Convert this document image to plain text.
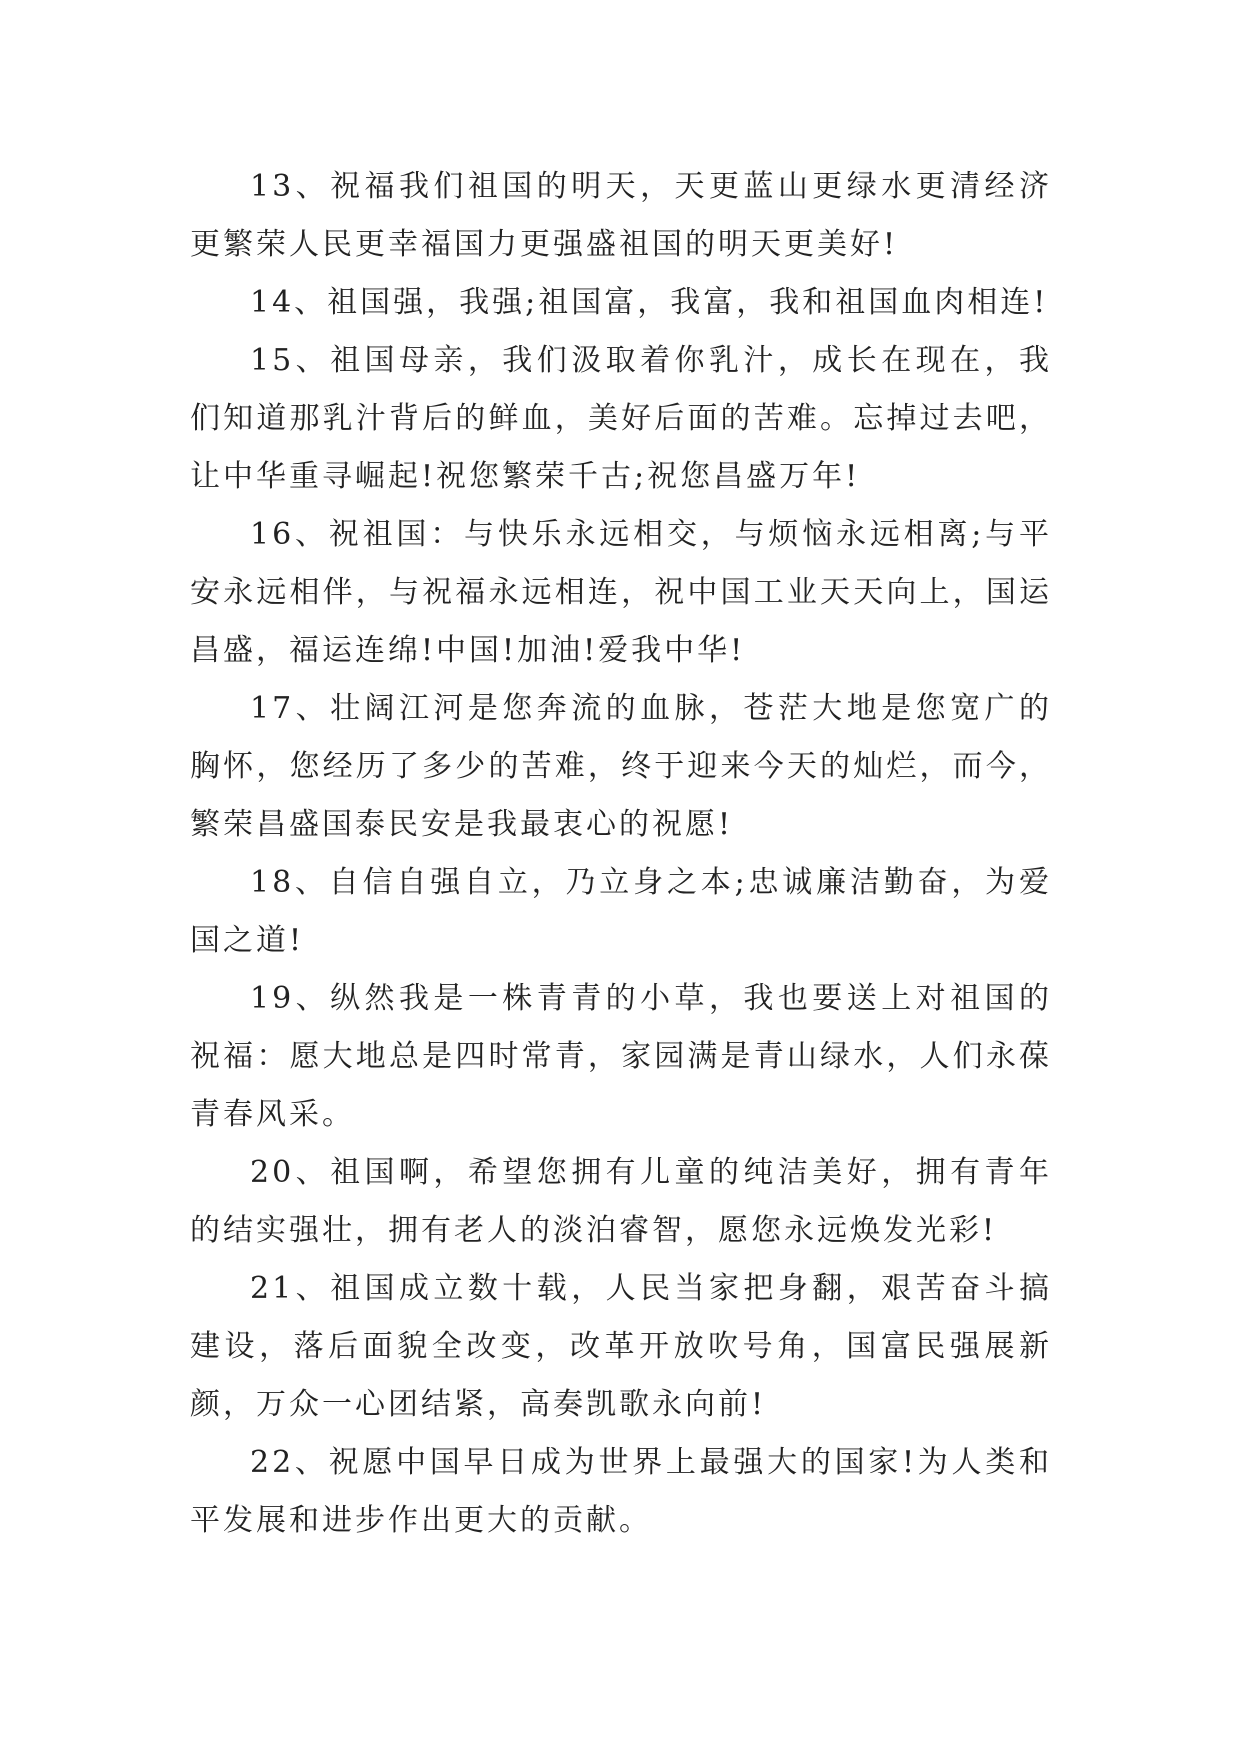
13、祝福我们祖国的明天，天更蓝山更绿水更清经济更繁荣人民更幸福国力更强盛祖国的明天更美好!

14、祖国强，我强;祖国富，我富，我和祖国血肉相连!

15、祖国母亲，我们汲取着你乳汁，成长在现在，我们知道那乳汁背后的鲜血，美好后面的苦难。忘掉过去吧，让中华重寻崛起!祝您繁荣千古;祝您昌盛万年!

16、祝祖国：与快乐永远相交，与烦恼永远相离;与平安永远相伴，与祝福永远相连，祝中国工业天天向上，国运昌盛，福运连绵!中国!加油!爱我中华!

17、壮阔江河是您奔流的血脉，苍茫大地是您宽广的胸怀，您经历了多少的苦难，终于迎来今天的灿烂，而今，繁荣昌盛国泰民安是我最衷心的祝愿!

18、自信自强自立，乃立身之本;忠诚廉洁勤奋，为爱国之道!

19、纵然我是一株青青的小草，我也要送上对祖国的祝福：愿大地总是四时常青，家园满是青山绿水，人们永葆青春风采。

20、祖国啊，希望您拥有儿童的纯洁美好，拥有青年的结实强壮，拥有老人的淡泊睿智，愿您永远焕发光彩!

21、祖国成立数十载，人民当家把身翻，艰苦奋斗搞建设，落后面貌全改变，改革开放吹号角，国富民强展新颜，万众一心团结紧，高奏凯歌永向前!

22、祝愿中国早日成为世界上最强大的国家!为人类和平发展和进步作出更大的贡献。
